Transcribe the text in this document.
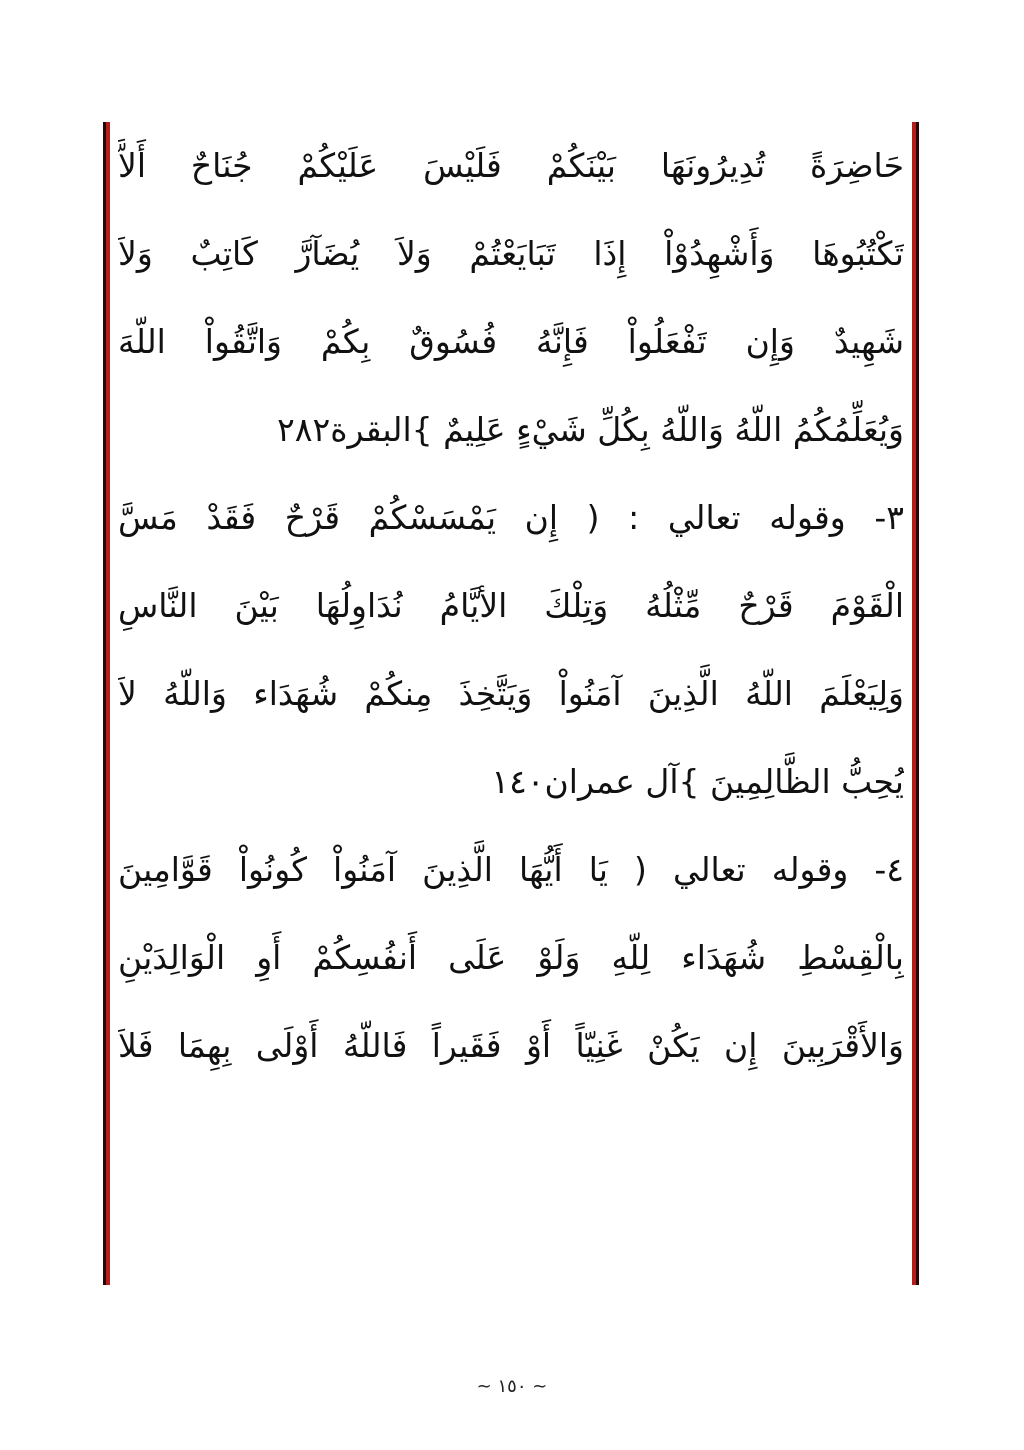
حَاضِرَةً تُدِيرُونَهَا بَيْنَكُمْ فَلَيْسَ عَلَيْكُمْ جُنَاحٌ أَلاَّ
تَكْتُبُوهَا وَأَشْهِدُوْاْ إِذَا تَبَايَعْتُمْ وَلاَ يُضَآرَّ كَاتِبٌ وَلاَ
شَهِيدٌ وَإِن تَفْعَلُواْ فَإِنَّهُ فُسُوقٌ بِكُمْ وَاتَّقُواْ اللّهَ
وَيُعَلِّمُكُمُ اللّهُ وَاللّهُ بِكُلِّ شَيْءٍ عَلِيمٌ }البقرة٢٨٢
٣- وقوله تعالي : ( إِن يَمْسَسْكُمْ قَرْحٌ فَقَدْ مَسَّ
الْقَوْمَ قَرْحٌ مِّثْلُهُ وَتِلْكَ الأيَّامُ نُدَاوِلُهَا بَيْنَ النَّاسِ
وَلِيَعْلَمَ اللّهُ الَّذِينَ آمَنُواْ وَيَتَّخِذَ مِنكُمْ شُهَدَاء وَاللّهُ لاَ
يُحِبُّ الظَّالِمِينَ }آل عمران١٤٠
٤- وقوله تعالي ( يَا أَيُّهَا الَّذِينَ آمَنُواْ كُونُواْ قَوَّامِينَ
بِالْقِسْطِ شُهَدَاء لِلّهِ وَلَوْ عَلَى أَنفُسِكُمْ أَوِ الْوَالِدَيْنِ
وَالأَقْرَبِينَ إِن يَكُنْ غَنِيّاً أَوْ فَقَيراً فَاللّهُ أَوْلَى بِهِمَا فَلاَ
~ ١٥٠ ~
